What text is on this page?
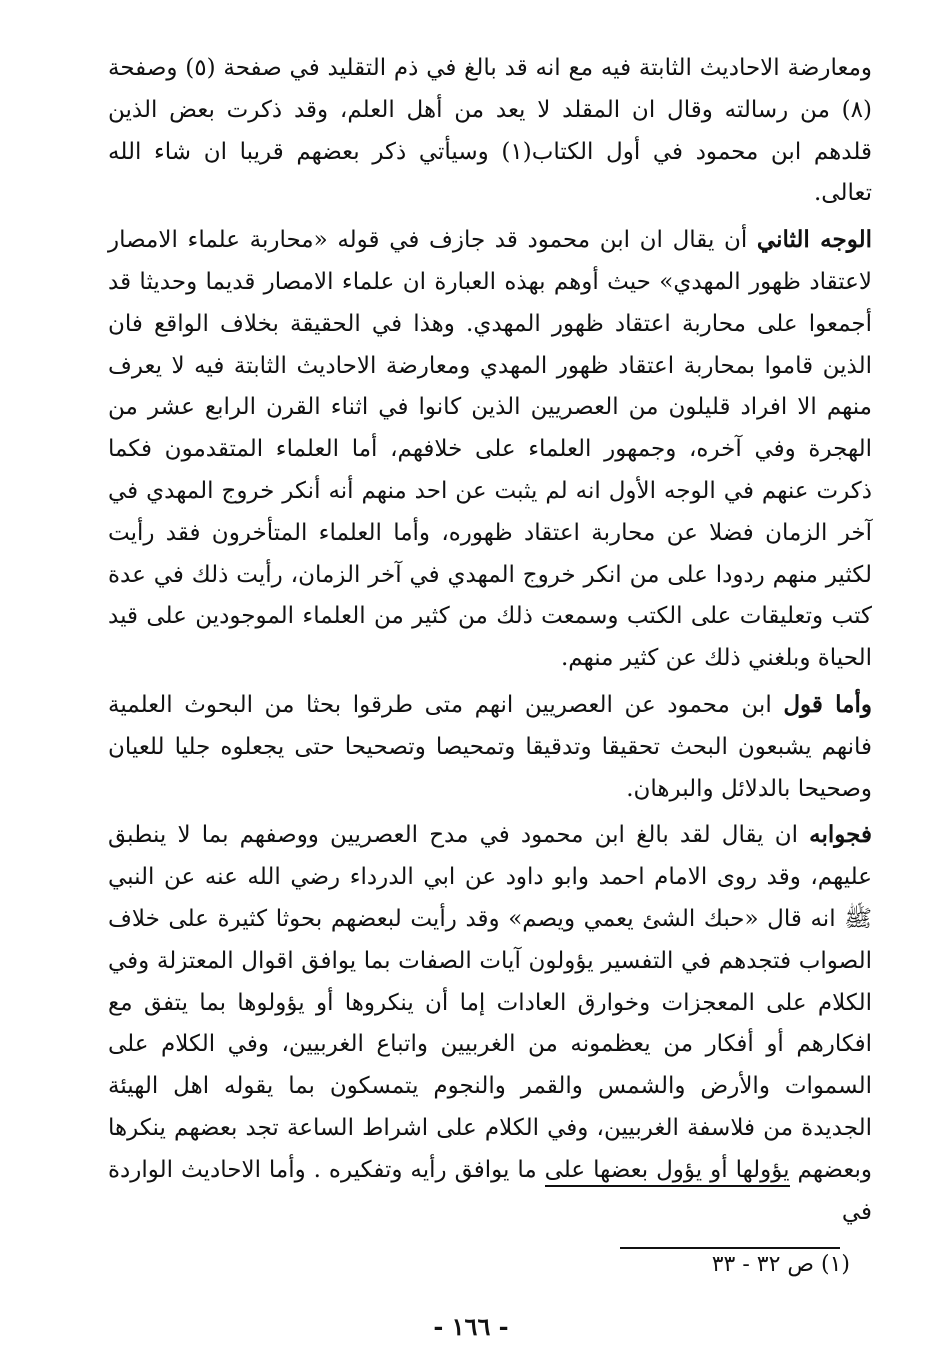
ومعارضة الاحاديث الثابتة فيه مع انه قد بالغ في ذم التقليد في صفحة (٥) وصفحة (٨) من رسالته وقال ان المقلد لا يعد من أهل العلم، وقد ذكرت بعض الذين قلدهم ابن محمود في أول الكتاب(١) وسيأتي ذكر بعضهم قريبا ان شاء الله تعالى.

الوجه الثاني أن يقال ان ابن محمود قد جازف في قوله «محاربة علماء الامصار لاعتقاد ظهور المهدي» حيث أوهم بهذه العبارة ان علماء الامصار قديما وحديثا قد أجمعوا على محاربة اعتقاد ظهور المهدي. وهذا في الحقيقة بخلاف الواقع فان الذين قاموا بمحاربة اعتقاد ظهور المهدي ومعارضة الاحاديث الثابتة فيه لا يعرف منهم الا افراد قليلون من العصريين الذين كانوا في اثناء القرن الرابع عشر من الهجرة وفي آخره، وجمهور العلماء على خلافهم، أما العلماء المتقدمون فكما ذكرت عنهم في الوجه الأول انه لم يثبت عن احد منهم أنه أنكر خروج المهدي في آخر الزمان فضلا عن محاربة اعتقاد ظهوره، وأما العلماء المتأخرون فقد رأيت لكثير منهم ردودا على من انكر خروج المهدي في آخر الزمان، رأيت ذلك في عدة كتب وتعليقات على الكتب وسمعت ذلك من كثير من العلماء الموجودين على قيد الحياة وبلغني ذلك عن كثير منهم.

وأما قول ابن محمود عن العصريين انهم متى طرقوا بحثا من البحوث العلمية فانهم يشبعون البحث تحقيقا وتدقيقا وتمحيصا وتصحيحا حتى يجعلوه جليا للعيان وصحيحا بالدلائل والبرهان.

فجوابه ان يقال لقد بالغ ابن محمود في مدح العصريين ووصفهم بما لا ينطبق عليهم، وقد روى الامام احمد وابو داود عن ابي الدرداء رضي الله عنه عن النبي ﷺ انه قال «حبك الشئ يعمي ويصم» وقد رأيت لبعضهم بحوثا كثيرة على خلاف الصواب فتجدهم في التفسير يؤولون آيات الصفات بما يوافق اقوال المعتزلة وفي الكلام على المعجزات وخوارق العادات إما أن ينكروها أو يؤولوها بما يتفق مع افكارهم أو أفكار من يعظمونه من الغربيين واتباع الغربيين، وفي الكلام على السموات والأرض والشمس والقمر والنجوم يتمسكون بما يقوله اهل الهيئة الجديدة من فلاسفة الغربيين، وفي الكلام على اشراط الساعة تجد بعضهم ينكرها وبعضهم يؤولها أو يؤول بعضها على ما يوافق رأيه وتفكيره . وأما الاحاديث الواردة في

(١) ص ٣٢ - ٣٣
- ١٦٦ -
